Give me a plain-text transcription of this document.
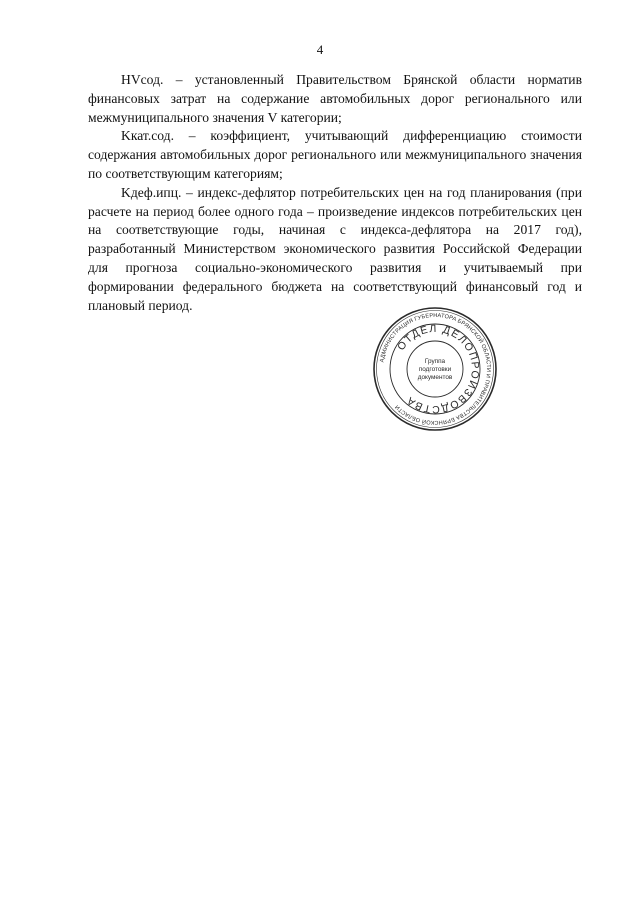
4

HVсод. – установленный Правительством Брянской области норматив финансовых затрат на содержание автомобильных дорог регионального или межмуниципального значения V категории;

Kкат.сод. – коэффициент, учитывающий дифференциацию стоимости содержания автомобильных дорог регионального или межмуниципального значения по соответствующим категориям;

Kдеф.ипц. – индекс-дефлятор потребительских цен на год планирования (при расчете на период более одного года – произведение индексов потребительских цен на соответствующие годы, начиная с индекса-дефлятора на 2017 год), разработанный Министерством экономического развития Российской Федерации для прогноза социально-экономического развития и учитываемый при формировании федерального бюджета на соответствующий финансовый год и плановый период.

АДМИНИСТРАЦИЯ ГУБЕРНАТОРА БРЯНСКОЙ ОБЛАСТИ И ПРАВИТЕЛЬСТВА БРЯНСКОЙ ОБЛАСТИ
ОТДЕЛ ДЕЛОПРОИЗВОДСТВА
Группа
подготовки
документов
